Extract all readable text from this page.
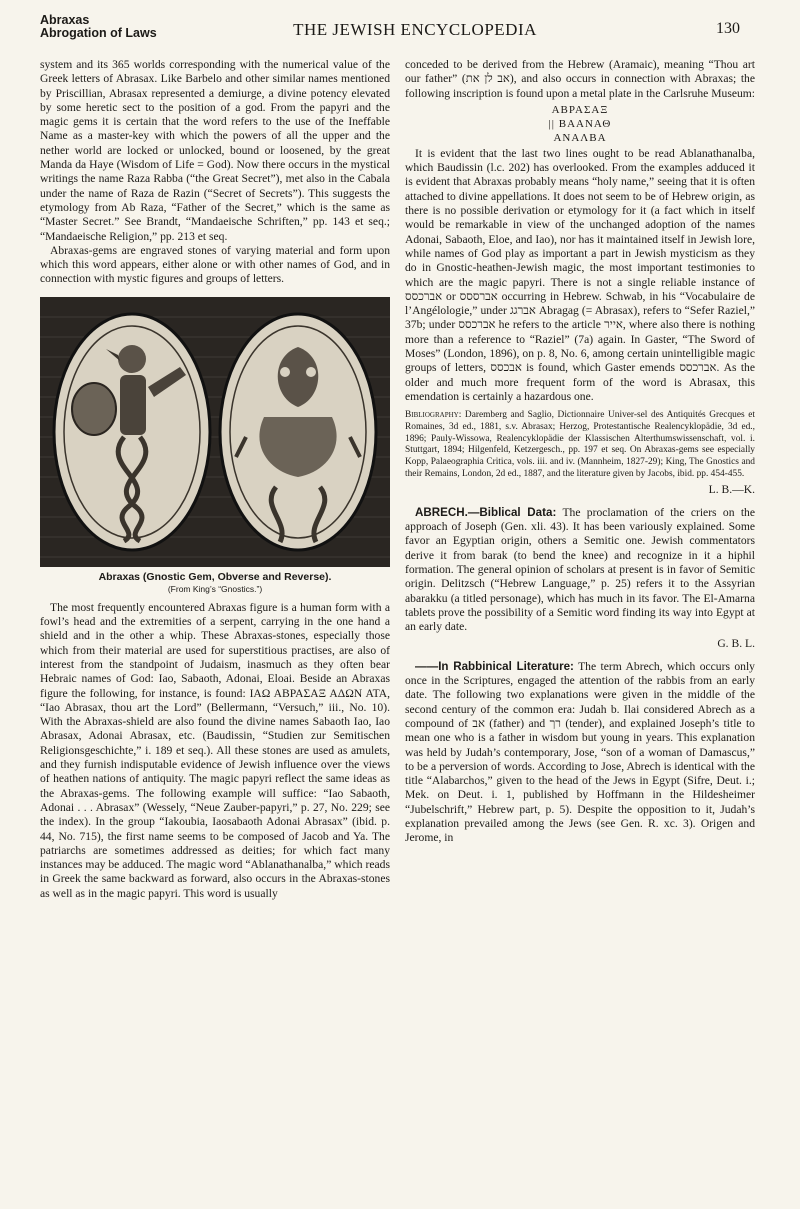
Abraxas
Abrogation of Laws	THE JEWISH ENCYCLOPEDIA	130

system and its 365 worlds corresponding with the numerical value of the Greek letters of Abrasax. Like Barbelo and other similar names mentioned by Priscillian, Abrasax represented a demiurge, a divine potency elevated by some heretic sect to the position of a god. From the papyri and the magic gems it is certain that the word refers to the use of the Ineffable Name as a master-key with which the powers of all the upper and the nether world are locked or unlocked, bound or loosened, by the great Manda da Haye (Wisdom of Life = God). Now there occurs in the mystical writings the name Raza Rabba (“the Great Secret”), met also in the Cabala under the name of Raza de Razin (“Secret of Secrets”). This suggests the etymology from Ab Raza, “Father of the Secret,” which is the same as “Master Secret.” See Brandt, “Mandaeische Schriften,” pp. 143 et seq.; “Mandaeische Religion,” pp. 213 et seq.

Abraxas-gems are engraved stones of varying material and form upon which this word appears, either alone or with other names of God, and in connection with mystic figures and groups of letters.

Abraxas (Gnostic Gem, Obverse and Reverse).
(From King’s “Gnostics.”)

The most frequently encountered Abraxas figure is a human form with a fowl’s head and the extremities of a serpent, carrying in the one hand a shield and in the other a whip. These Abraxas-stones, especially those which from their material are used for superstitious practises, are also of interest from the standpoint of Judaism, inasmuch as they often bear Hebraic names of God: Iao, Sabaoth, Adonai, Eloai. Beside an Abraxas figure the following, for instance, is found: ΙΑΩ ΑΒΡΑΣΑΞ ΑΔΩΝ ΑΤΑ, “Iao Abrasax, thou art the Lord” (Bellermann, “Versuch,” iii., No. 10). With the Abraxas-shield are also found the divine names Sabaoth Iao, Iao Abrasax, Adonai Abrasax, etc. (Baudissin, “Studien zur Semitischen Religionsgeschichte,” i. 189 et seq.). All these stones are used as amulets, and they furnish indisputable evidence of Jewish influence over the views of heathen nations of antiquity. The magic papyri reflect the same ideas as the Abraxas-gems. The following example will suffice: “Iao Sabaoth, Adonai . . . Abrasax” (Wessely, “Neue Zauber-papyri,” p. 27, No. 229; see the index). In the group “Iakoubia, Iaosabaoth Adonai Abrasax” (ibid. p. 44, No. 715), the first name seems to be composed of Jacob and Ya. The patriarchs are sometimes addressed as deities; for which fact many instances may be adduced. The magic word “Ablanathanalba,” which reads in Greek the same backward as forward, also occurs in the Abraxas-stones as well as in the magic papyri. This word is usually

conceded to be derived from the Hebrew (Aramaic), meaning “Thou art our father” (אב לן את), and also occurs in connection with Abraxas; the following inscription is found upon a metal plate in the Carlsruhe Museum:

ΑΒΡΑΣΑΞ
|| ΒΑΑΝΑΘ
ΑΝΑΛΒΑ

It is evident that the last two lines ought to be read Ablanathanalba, which Baudissin (l.c. 202) has overlooked. From the examples adduced it is evident that Abraxas probably means “holy name,” seeing that it is often attached to divine appellations. It does not seem to be of Hebrew origin, as there is no possible derivation or etymology for it (a fact which in itself would be remarkable in view of the unchanged adoption of the names Adonai, Sabaoth, Eloe, and Iao), nor has it maintained itself in Jewish lore, while names of God play as important a part in Jewish mysticism as they do in Gnostic-heathen-Jewish magic, the most important testimonies to which are the magic papyri. There is not a single reliable instance of אברכסס or אברססס occurring in Hebrew. Schwab, in his “Vocabulaire de l’Angélologie,” under אברגג Abragag (= Abrasax), refers to “Sefer Raziel,” 37b; under אברכסס he refers to the article אייר, where also there is nothing more than a reference to “Raziel” (7a) again. In Gaster, “The Sword of Moses” (London, 1896), on p. 8, No. 6, among certain unintelligible magic groups of letters, אבכסס is found, which Gaster emends אברכסס. As the older and much more frequent form of the word is Abrasax, this emendation is certainly a hazardous one.

Bibliography: Daremberg and Saglio, Dictionnaire Univer-sel des Antiquités Grecques et Romaines, 3d ed., 1881, s.v. Abrasax; Herzog, Protestantische Realencyklopädie, 3d ed., 1896; Pauly-Wissowa, Realencyklopädie der Klassischen Alterthumswissenschaft, vol. i. Stuttgart, 1894; Hilgenfeld, Ketzergesch., pp. 197 et seq. On Abraxas-gems see especially Kopp, Palaeographia Critica, vols. iii. and iv. (Mannheim, 1827-29); King, The Gnostics and their Remains, London, 2d ed., 1887, and the literature given by Jacobs, ibid. pp. 454-455.
L. B.—K.

ABRECH.—Biblical Data: The proclamation of the criers on the approach of Joseph (Gen. xli. 43). It has been variously explained. Some favor an Egyptian origin, others a Semitic one. Jewish commentators derive it from barak (to bend the knee) and recognize in it a hiphil formation. The general opinion of scholars at present is in favor of Semitic origin. Delitzsch (“Hebrew Language,” p. 25) refers it to the Assyrian abarakku (a titled personage), which has much in its favor. The El-Amarna tablets prove the possibility of a Semitic word finding its way into Egypt at an early date.

G. B. L.

——In Rabbinical Literature: The term Abrech, which occurs only once in the Scriptures, engaged the attention of the rabbis from an early date. The following two explanations were given in the middle of the second century of the common era: Judah b. Ilai considered Abrech as a compound of אב (father) and רך (tender), and explained Joseph’s title to mean one who is a father in wisdom but young in years. This explanation was held by Judah’s contemporary, Jose, “son of a woman of Damascus,” to be a perversion of words. According to Jose, Abrech is identical with the title “Alabarchos,” given to the head of the Jews in Egypt (Sifre, Deut. i.; Mek. on Deut. i. 1, published by Hoffmann in the Hildesheimer “Jubelschrift,” Hebrew part, p. 5). Despite the opposition to it, Judah’s explanation prevailed among the Jews (see Gen. R. xc. 3). Origen and Jerome, in
